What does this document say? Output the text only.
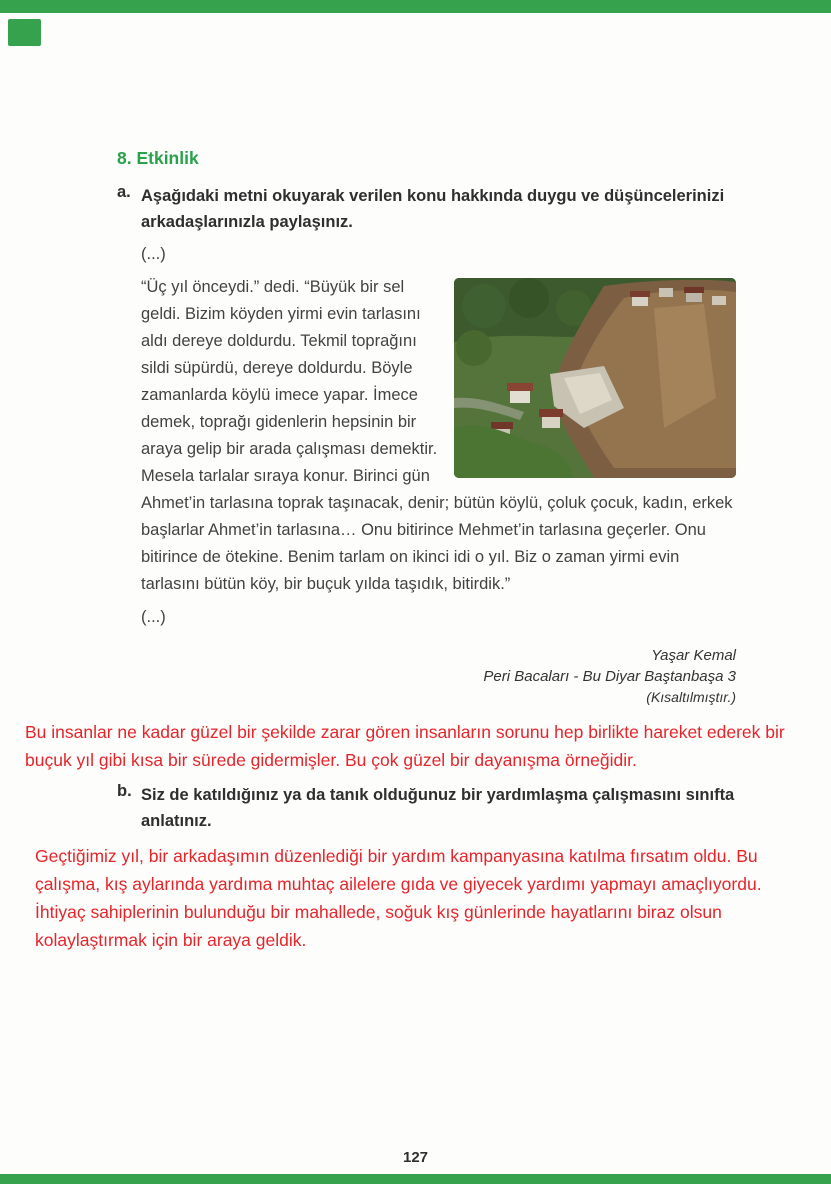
8. Etkinlik
a. Aşağıdaki metni okuyarak verilen konu hakkında duygu ve düşüncelerinizi arkadaşlarınızla paylaşınız.
(...)
“Üç yıl önceydi.” dedi. “Büyük bir sel geldi. Bizim köyden yirmi evin tarlasını aldı dereye doldurdu. Tekmil toprağını sildi süpürdü, dereye doldurdu. Böyle zamanlarda köylü imece yapar. İmece demek, toprağı gidenlerin hepsinin bir araya gelip bir arada çalışması demektir. Mesela tarlalar sıraya konur. Birinci gün Ahmet’in tarlasına toprak taşınacak, denir; bütün köylü, çoluk çocuk, kadın, erkek başlarlar Ahmet’in tarlasına… Onu bitirince Mehmet’in tarlasına geçerler. Onu bitirince de ötekine. Benim tarlam on ikinci idi o yıl. Biz o zaman yirmi evin tarlasını bütün köy, bir buçuk yılda taşıdık, bitirdik.”
(...)
Yaşar Kemal
Peri Bacaları - Bu Diyar Baştanbaşa 3
(Kısaltılmıştır.)
Bu insanlar ne kadar güzel bir şekilde zarar gören insanların sorunu hep birlikte hareket ederek bir buçuk yıl gibi kısa bir sürede gidermişler. Bu çok güzel bir dayanışma örneğidir.
b. Siz de katıldığınız ya da tanık olduğunuz bir yardımlaşma çalışmasını sınıfta anlatınız.
Geçtiğimiz yıl, bir arkadaşımın düzenlediği bir yardım kampanyasına katılma fırsatım oldu. Bu çalışma, kış aylarında yardıma muhtaç ailelere gıda ve giyecek yardımı yapmayı amaçlıyordu. İhtiyaç sahiplerinin bulunduğu bir mahallede, soğuk kış günlerinde hayatlarını biraz olsun kolaylaştırmak için bir araya geldik.
127
